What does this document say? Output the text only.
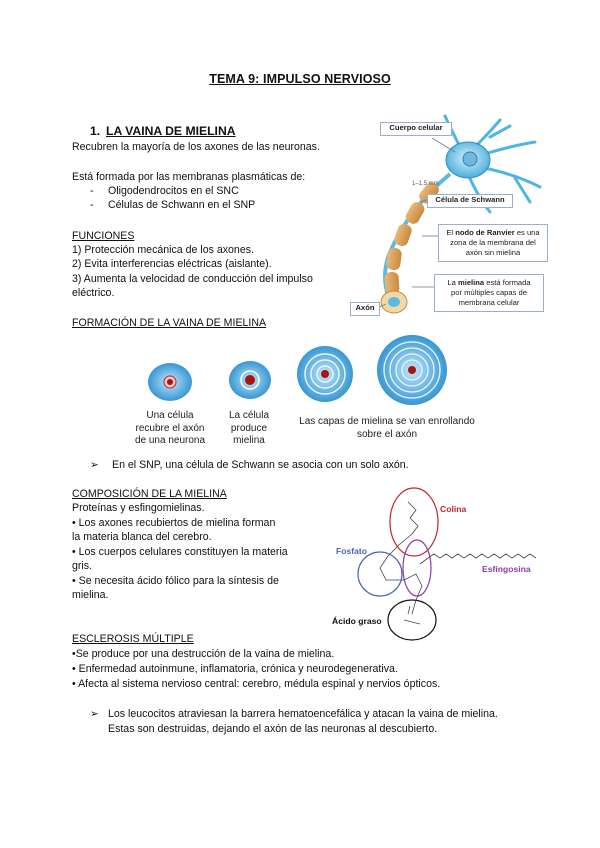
TEMA 9: IMPULSO NERVIOSO
1. LA VAINA DE MIELINA
Recubren la mayoría de los axones de las neuronas.
Está formada por las membranas plasmáticas de:
- Oligodendrocitos en el SNC
- Células de Schwann en el SNP
FUNCIONES
1) Protección mecánica de los axones.
2) Evita interferencias eléctricas (aislante).
3) Aumenta la velocidad de conducción del impulso
eléctrico.
Cuerpo celular
1–1,5 mm
Célula de Schwann
El nodo de Ranvier es una
zona de la membrana del
axón sin mielina
La mielina está formada
por múltiples capas de
membrana celular
Axón
FORMACIÓN DE LA VAINA DE MIELINA
Una célula
recubre el axón
de una neurona
La célula
produce
mielina
Las capas de mielina se van enrollando
sobre el axón
➢ En el SNP, una célula de Schwann se asocia con un solo axón.
COMPOSICIÓN DE LA MIELINA
Proteínas y esfingomielinas.
• Los axones recubiertos de mielina forman
la materia blanca del cerebro.
• Los cuerpos celulares constituyen la materia
gris.
• Se necesita ácido fólico para la síntesis de
mielina.
Colina
Fosfato
Esfingosina
Ácido graso
ESCLEROSIS MÚLTIPLE
•Se produce por una destrucción de la vaina de mielina.
• Enfermedad autoinmune, inflamatoria, crónica y neurodegenerativa.
• Afecta al sistema nervioso central: cerebro, médula espinal y nervios ópticos.
➢ Los leucocitos atraviesan la barrera hematoencefálica y atacan la vaina de mielina.
Estas son destruidas, dejando el axón de las neuronas al descubierto.
